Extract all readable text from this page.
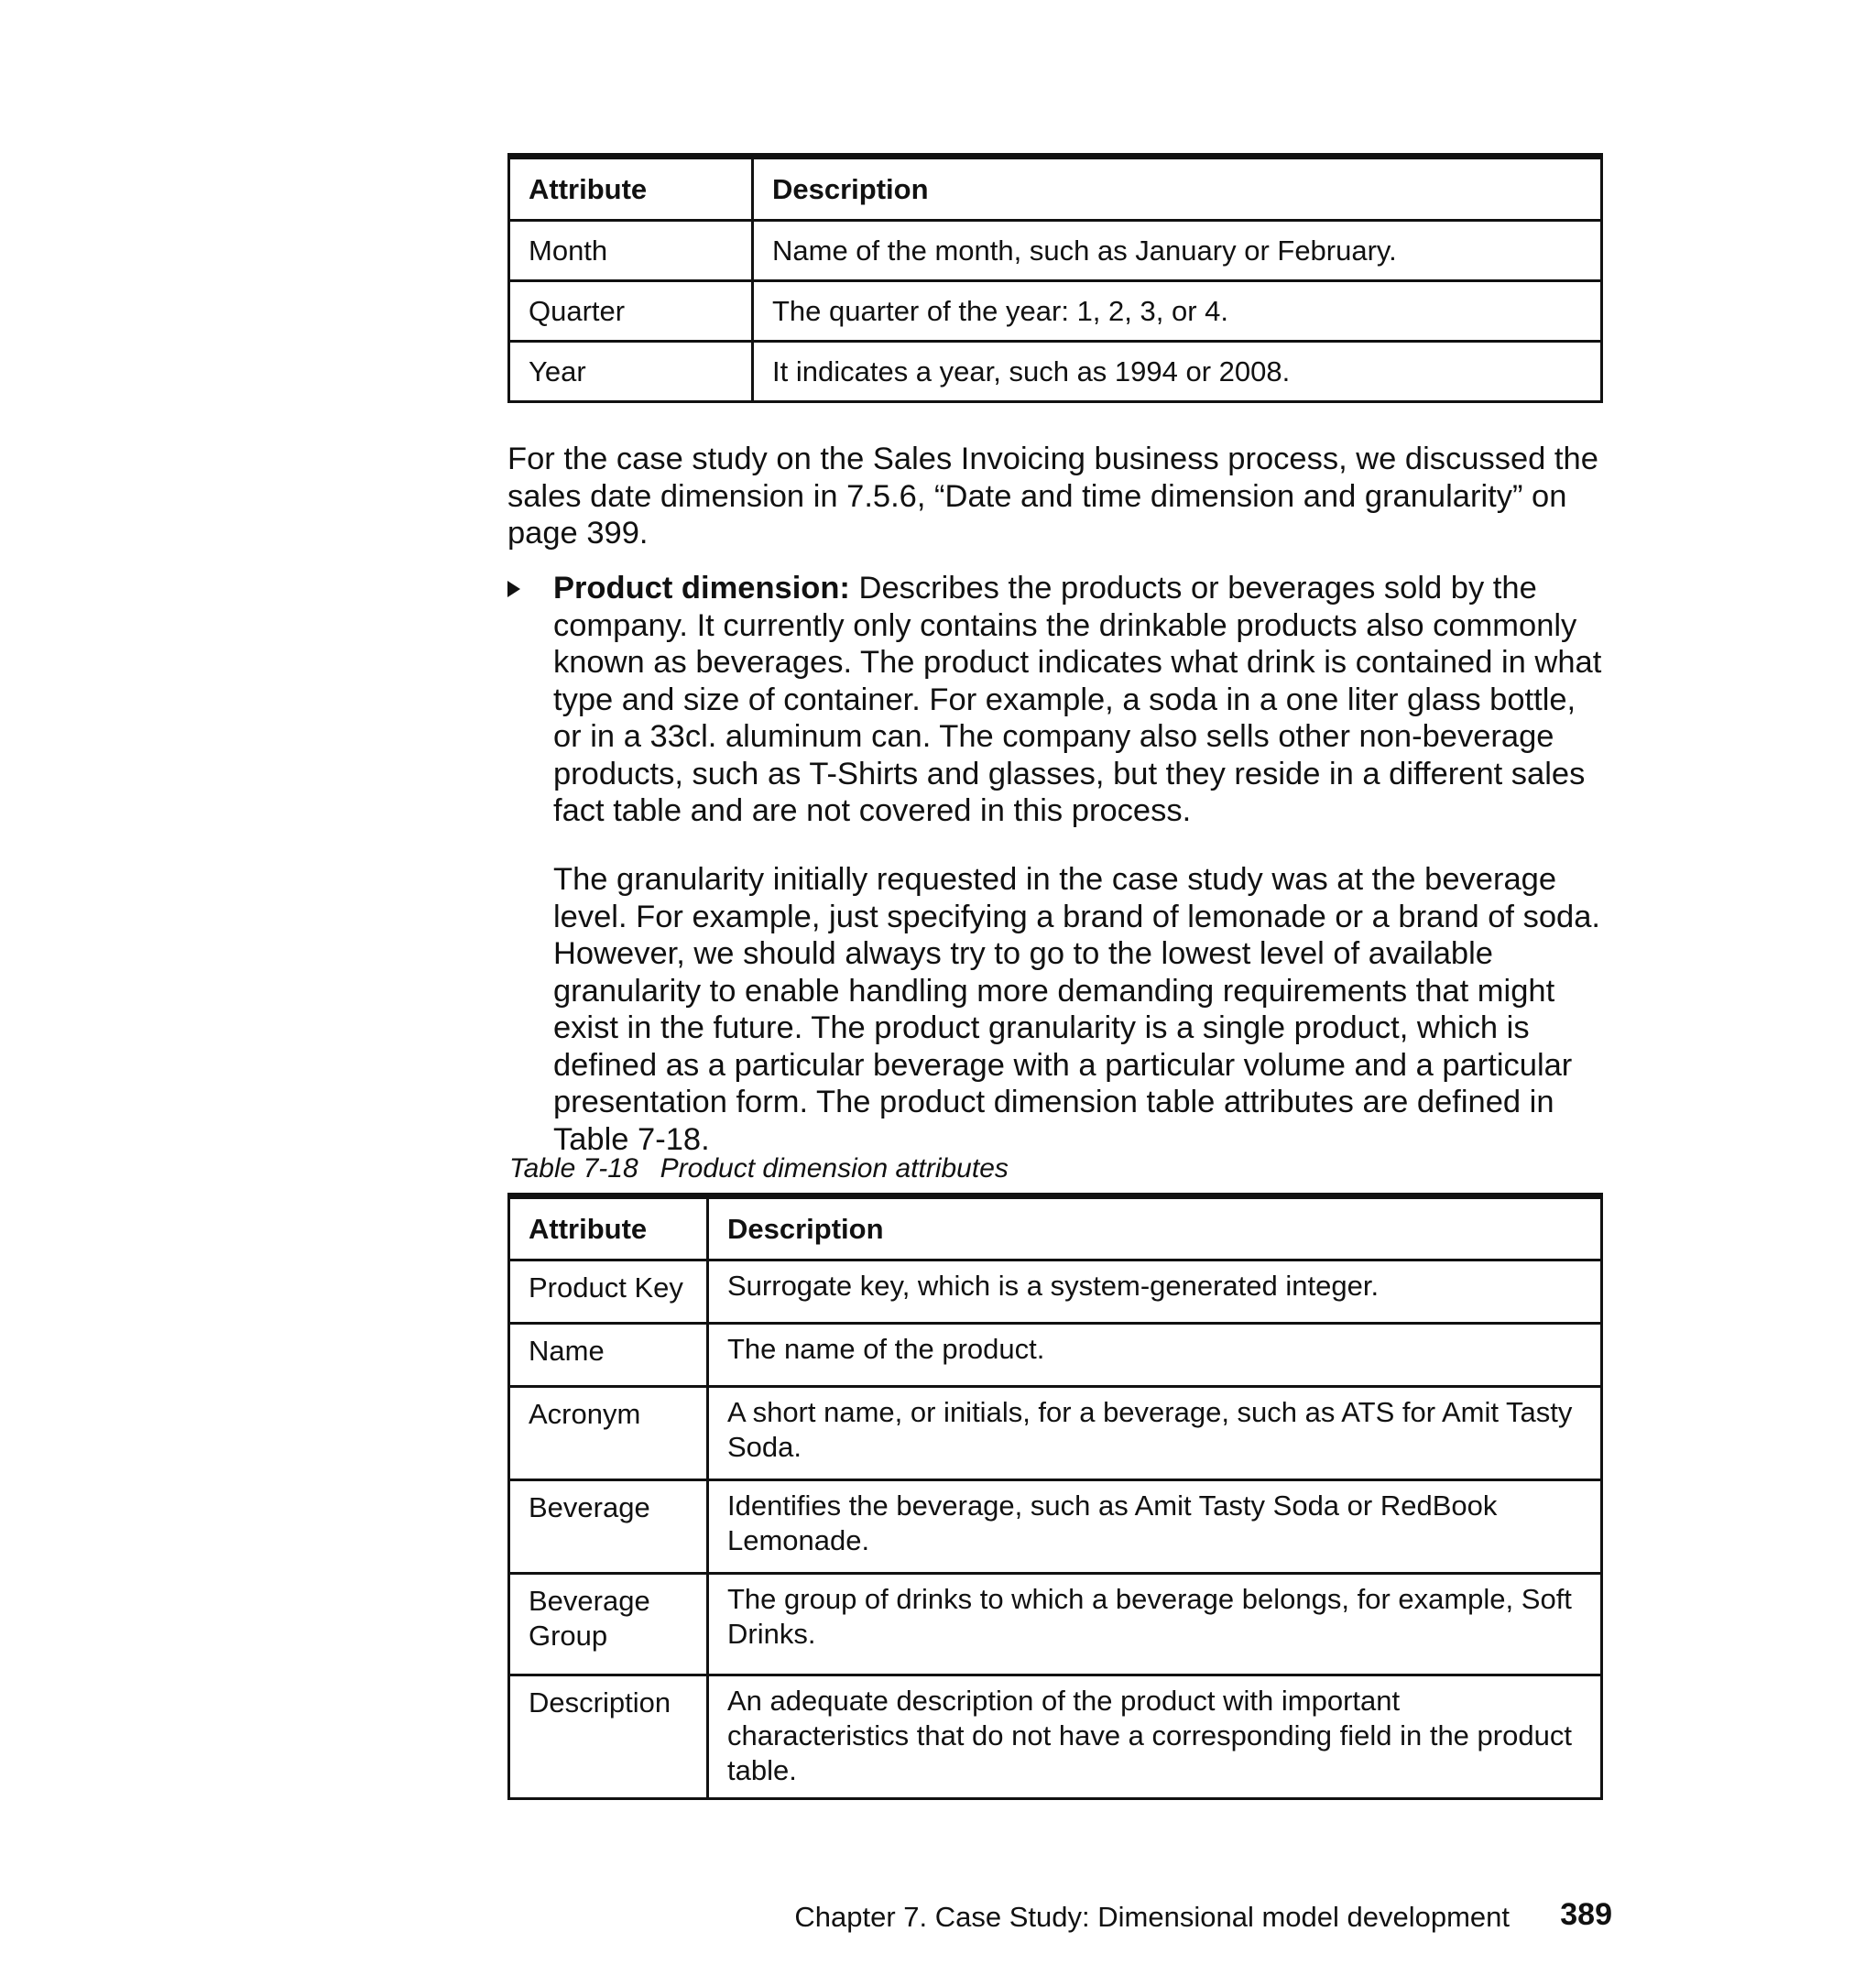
Attribute	Description
Month	Name of the month, such as January or February.
Quarter	The quarter of the year: 1, 2, 3, or 4.
Year	It indicates a year, such as 1994 or 2008.

For the case study on the Sales Invoicing business process, we discussed the sales date dimension in 7.5.6, “Date and time dimension and granularity” on page 399.

Product dimension: Describes the products or beverages sold by the company. It currently only contains the drinkable products also commonly known as beverages. The product indicates what drink is contained in what type and size of container. For example, a soda in a one liter glass bottle, or in a 33cl. aluminum can. The company also sells other non-beverage products, such as T-Shirts and glasses, but they reside in a different sales fact table and are not covered in this process.

The granularity initially requested in the case study was at the beverage level. For example, just specifying a brand of lemonade or a brand of soda. However, we should always try to go to the lowest level of available granularity to enable handling more demanding requirements that might exist in the future. The product granularity is a single product, which is defined as a particular beverage with a particular volume and a particular presentation form. The product dimension table attributes are defined in Table 7-18.

Table 7-18 Product dimension attributes

Attribute	Description
Product Key	Surrogate key, which is a system-generated integer.
Name	The name of the product.
Acronym	A short name, or initials, for a beverage, such as ATS for Amit Tasty Soda.
Beverage	Identifies the beverage, such as Amit Tasty Soda or RedBook Lemonade.
Beverage Group	The group of drinks to which a beverage belongs, for example, Soft Drinks.
Description	An adequate description of the product with important characteristics that do not have a corresponding field in the product table.
Chapter 7. Case Study: Dimensional model development 389
